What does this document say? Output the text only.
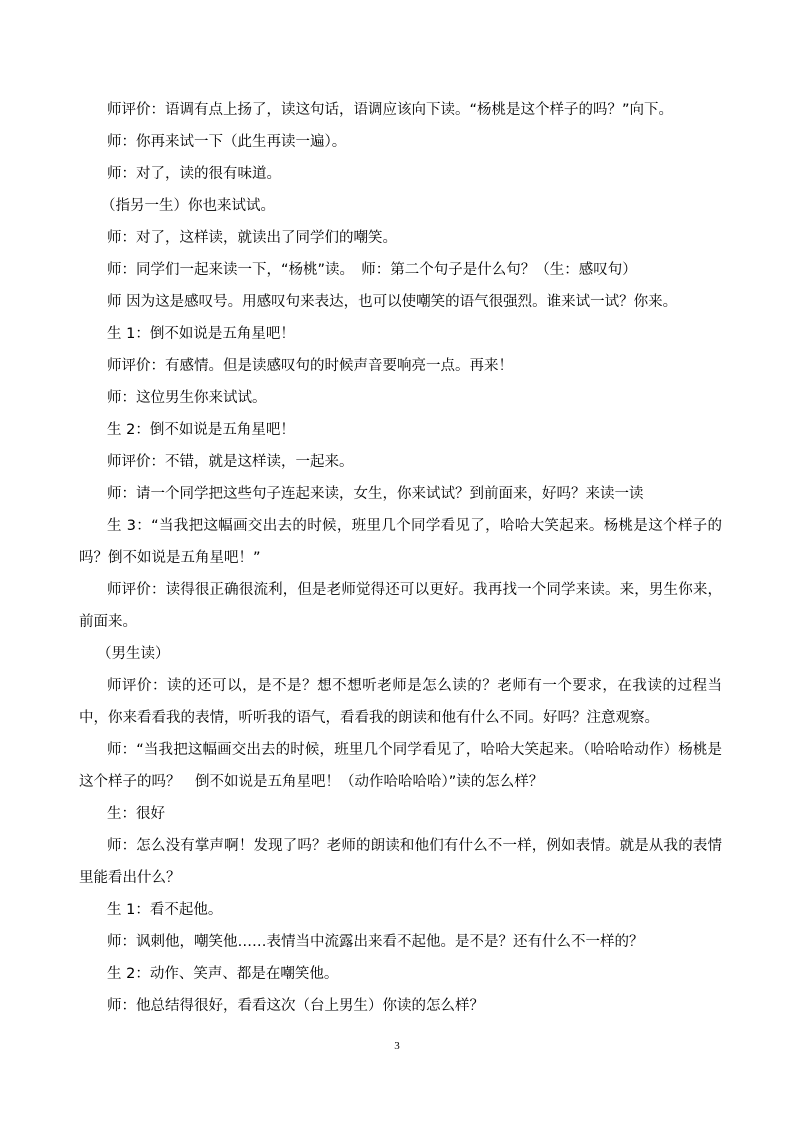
师评价：语调有点上扬了，读这句话，语调应该向下读。“杨桃是这个样子的吗？”向下。

师：你再来试一下（此生再读一遍）。

师：对了，读的很有味道。

（指另一生）你也来试试。

师：对了，这样读，就读出了同学们的嘲笑。

师：同学们一起来读一下，“杨桃”读。　师：第二个句子是什么句？（生：感叹句）

师 因为这是感叹号。用感叹句来表达，也可以使嘲笑的语气很强烈。谁来试一试？你来。

生 1：倒不如说是五角星吧！

师评价：有感情。但是读感叹句的时候声音要响亮一点。再来！

师：这位男生你来试试。

生 2：倒不如说是五角星吧！

师评价：不错，就是这样读，一起来。

师：请一个同学把这些句子连起来读，女生，你来试试？到前面来，好吗？来读一读

生 3：“当我把这幅画交出去的时候，班里几个同学看见了，哈哈大笑起来。杨桃是这个样子的吗？倒不如说是五角星吧！”

师评价：读得很正确很流利，但是老师觉得还可以更好。我再找一个同学来读。来，男生你来，前面来。

（男生读）

师评价：读的还可以，是不是？想不想听老师是怎么读的？老师有一个要求，在我读的过程当中，你来看看我的表情，听听我的语气，看看我的朗读和他有什么不同。好吗？注意观察。

师：“当我把这幅画交出去的时候，班里几个同学看见了，哈哈大笑起来。（哈哈哈动作）杨桃是这个样子的吗？　倒不如说是五角星吧！（动作哈哈哈哈）”读的怎么样？

生：很好

师：怎么没有掌声啊！发现了吗？老师的朗读和他们有什么不一样，例如表情。就是从我的表情里能看出什么？

生 1：看不起他。

师：讽刺他，嘲笑他……表情当中流露出来看不起他。是不是？还有什么不一样的？

生 2：动作、笑声、都是在嘲笑他。

师：他总结得很好，看看这次（台上男生）你读的怎么样？

3
